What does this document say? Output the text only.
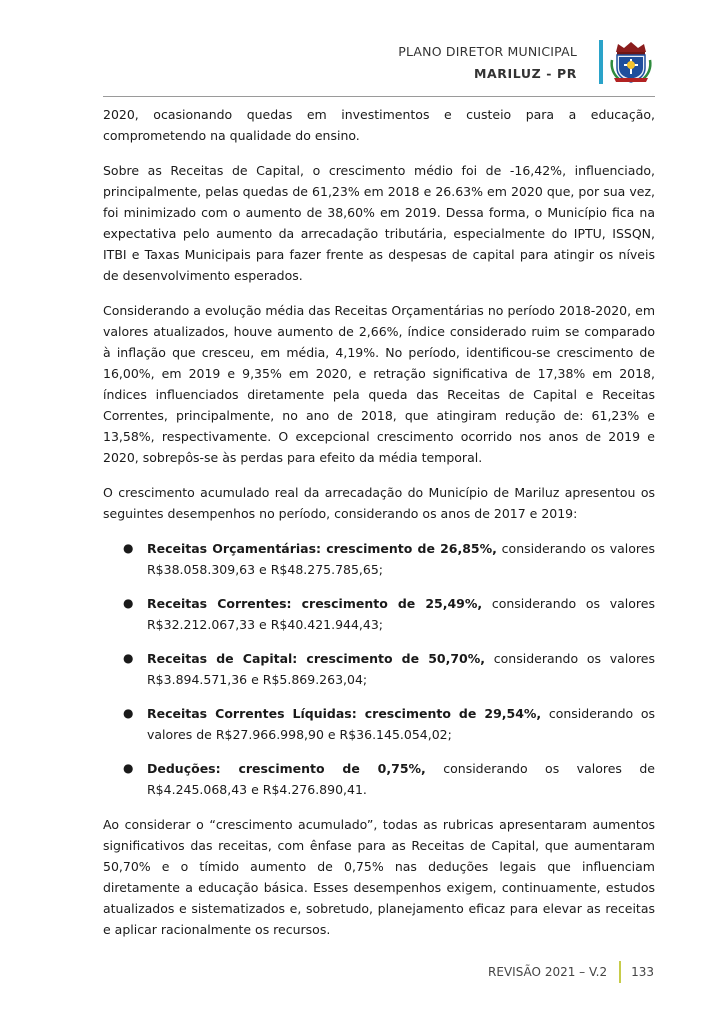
PLANO DIRETOR MUNICIPAL
MARILUZ - PR

2020, ocasionando quedas em investimentos e custeio para a educação, comprometendo na qualidade do ensino.

Sobre as Receitas de Capital, o crescimento médio foi de -16,42%, influenciado, principalmente, pelas quedas de 61,23% em 2018 e 26.63% em 2020 que, por sua vez, foi minimizado com o aumento de 38,60% em 2019. Dessa forma, o Município fica na expectativa pelo aumento da arrecadação tributária, especialmente do IPTU, ISSQN, ITBI e Taxas Municipais para fazer frente as despesas de capital para atingir os níveis de desenvolvimento esperados.

Considerando a evolução média das Receitas Orçamentárias no período 2018-2020, em valores atualizados, houve aumento de 2,66%, índice considerado ruim se comparado à inflação que cresceu, em média, 4,19%. No período, identificou-se crescimento de 16,00%, em 2019 e 9,35% em 2020, e retração significativa de 17,38% em 2018, índices influenciados diretamente pela queda das Receitas de Capital e Receitas Correntes, principalmente, no ano de 2018, que atingiram redução de: 61,23% e 13,58%, respectivamente. O excepcional crescimento ocorrido nos anos de 2019 e 2020, sobrepôs-se às perdas para efeito da média temporal.

O crescimento acumulado real da arrecadação do Município de Mariluz apresentou os seguintes desempenhos no período, considerando os anos de 2017 e 2019:

● Receitas Orçamentárias: crescimento de 26,85%, considerando os valores R$38.058.309,63 e R$48.275.785,65;
● Receitas Correntes: crescimento de 25,49%, considerando os valores R$32.212.067,33 e R$40.421.944,43;
● Receitas de Capital: crescimento de 50,70%, considerando os valores R$3.894.571,36 e R$5.869.263,04;
● Receitas Correntes Líquidas: crescimento de 29,54%, considerando os valores de R$27.966.998,90 e R$36.145.054,02;
● Deduções: crescimento de 0,75%, considerando os valores de R$4.245.068,43 e R$4.276.890,41.

Ao considerar o “crescimento acumulado”, todas as rubricas apresentaram aumentos significativos das receitas, com ênfase para as Receitas de Capital, que aumentaram 50,70% e o tímido aumento de 0,75% nas deduções legais que influenciam diretamente a educação básica. Esses desempenhos exigem, continuamente, estudos atualizados e sistematizados e, sobretudo, planejamento eficaz para elevar as receitas e aplicar racionalmente os recursos.

REVISÃO 2021 – V.2 133
